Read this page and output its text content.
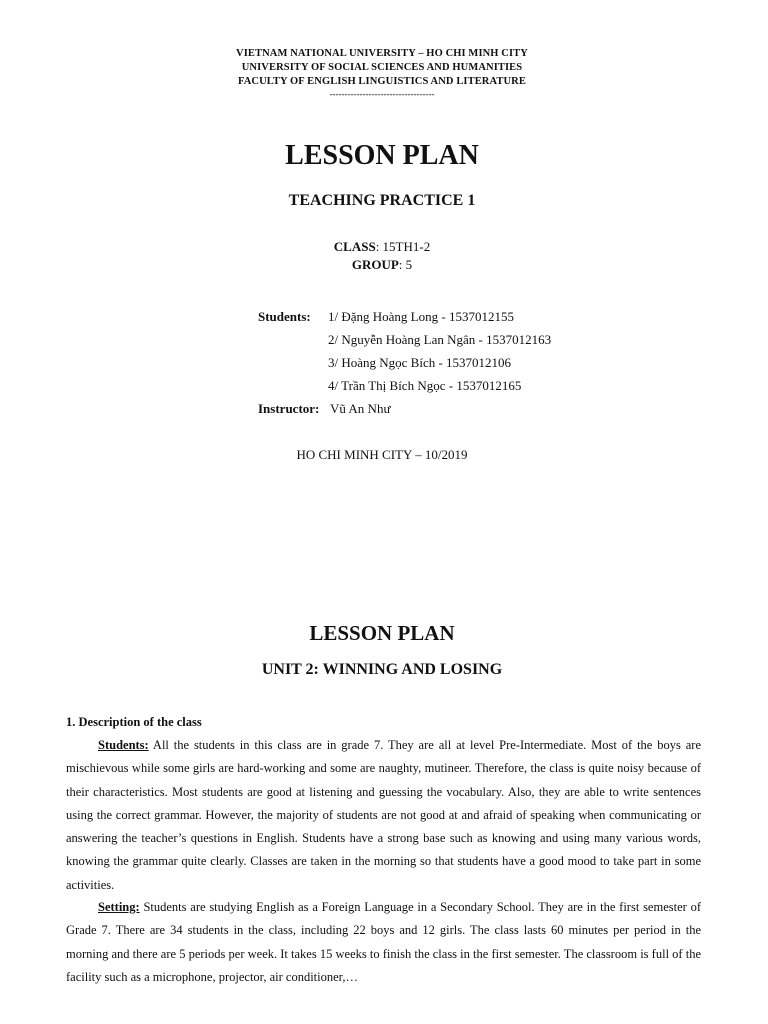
VIETNAM NATIONAL UNIVERSITY – HO CHI MINH CITY
UNIVERSITY OF SOCIAL SCIENCES AND HUMANITIES
FACULTY OF ENGLISH LINGUISTICS AND LITERATURE
-----------------------------------
LESSON PLAN
TEACHING PRACTICE 1
CLASS: 15TH1-2
GROUP: 5
Students:	1/ Đặng Hoàng Long - 1537012155
2/ Nguyễn Hoàng Lan Ngân - 1537012163
3/ Hoàng Ngọc Bích - 1537012106
4/ Trần Thị Bích Ngọc - 1537012165
Instructor: Vũ An Như
HO CHI MINH CITY – 10/2019
LESSON PLAN
UNIT 2: WINNING AND LOSING
1. Description of the class
Students: All the students in this class are in grade 7. They are all at level Pre-Intermediate. Most of the boys are mischievous while some girls are hard-working and some are naughty, mutineer. Therefore, the class is quite noisy because of their characteristics. Most students are good at listening and guessing the vocabulary. Also, they are able to write sentences using the correct grammar. However, the majority of students are not good at and afraid of speaking when communicating or answering the teacher’s questions in English. Students have a strong base such as knowing and using many various words, knowing the grammar quite clearly. Classes are taken in the morning so that students have a good mood to take part in some activities.
Setting: Students are studying English as a Foreign Language in a Secondary School. They are in the first semester of Grade 7. There are 34 students in the class, including 22 boys and 12 girls. The class lasts 60 minutes per period in the morning and there are 5 periods per week. It takes 15 weeks to finish the class in the first semester. The classroom is full of the facility such as a microphone, projector, air conditioner,…
